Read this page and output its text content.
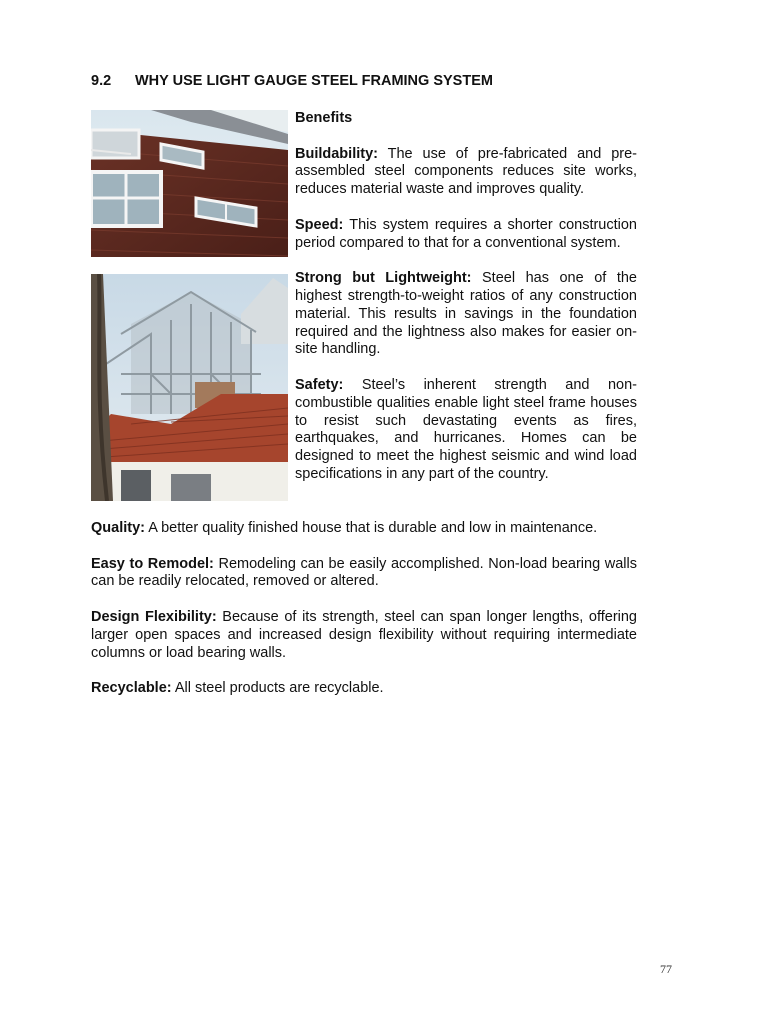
9.2 WHY USE LIGHT GAUGE STEEL FRAMING SYSTEM
Benefits

Buildability: The use of pre-fabricated and pre-assembled steel components reduces site works, reduces material waste and improves quality.

Speed: This system requires a shorter construction period compared to that for a conventional system.

Strong but Lightweight: Steel has one of the highest strength-to-weight ratios of any construction material. This results in savings in the foundation required and the lightness also makes for easier on-site handling.

Safety: Steel’s inherent strength and non-combustible qualities enable light steel frame houses to resist such devastating events as fires, earthquakes, and hurricanes. Homes can be designed to meet the highest seismic and wind load specifications in any part of the country.

Quality: A better quality finished house that is durable and low in maintenance.

Easy to Remodel: Remodeling can be easily accomplished. Non-load bearing walls can be readily relocated, removed or altered.

Design Flexibility: Because of its strength, steel can span longer lengths, offering larger open spaces and increased design flexibility without requiring intermediate columns or load bearing walls.

Recyclable: All steel products are recyclable.

77
